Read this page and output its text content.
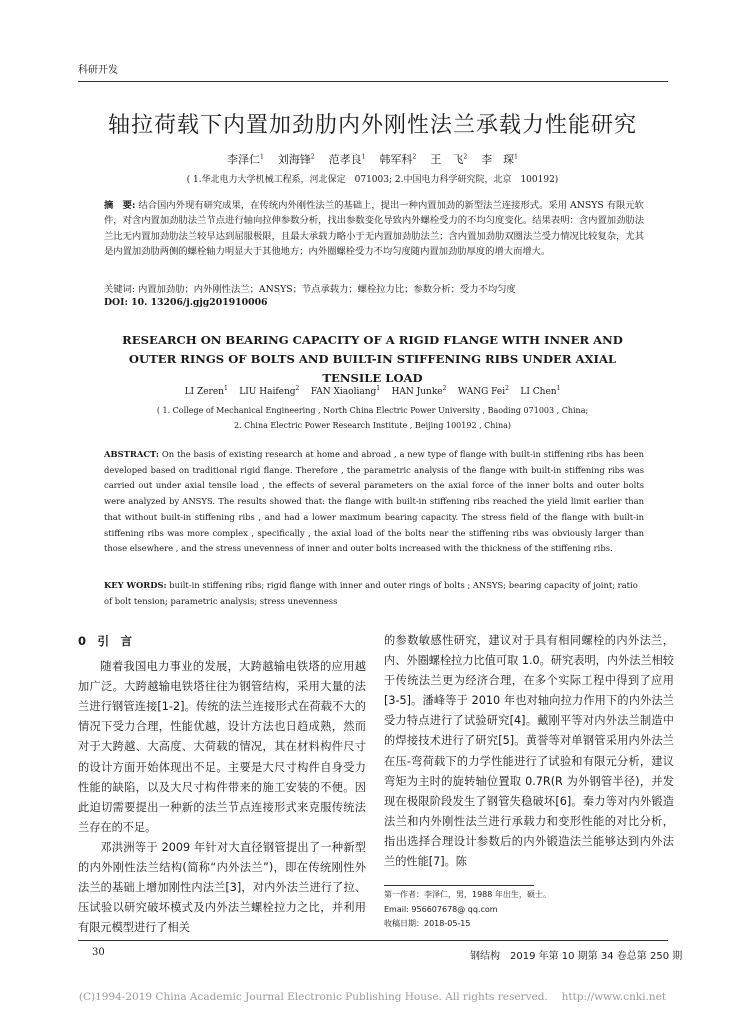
科研开发
轴拉荷载下内置加劲肋内外刚性法兰承载力性能研究
李泽仁$^1$ 刘海锋$^2$ 范孝良$^1$ 韩军科$^2$ 王　飞$^2$ 李　琛$^1$
( 1.华北电力大学机械工程系，河北保定　071003; 2.中国电力科学研究院，北京　100192)
摘　要: 结合国内外现有研究成果，在传统内外刚性法兰的基础上，提出一种内置加劲的新型法兰连接形式。采用 ANSYS 有限元软件，对含内置加劲肋法兰节点进行轴向拉伸参数分析，找出参数变化导致内外螺栓受力的不均匀度变化。结果表明：含内置加劲肋法兰比无内置加劲肋法兰较早达到屈服极限，且最大承载力略小于无内置加劲肋法兰；含内置加劲肋双圈法兰受力情况比较复杂，尤其是内置加劲肋两侧的螺栓轴力明显大于其他地方；内外圈螺栓受力不均匀度随内置加劲肋厚度的增大而增大。
关键词: 内置加劲肋；内外刚性法兰；ANSYS；节点承载力；螺栓拉力比；参数分析；受力不均匀度
DOI: 10. 13206/j.gjg201910006
RESEARCH ON BEARING CAPACITY OF A RIGID FLANGE WITH INNER AND OUTER RINGS OF BOLTS AND BUILT-IN STIFFENING RIBS UNDER AXIAL TENSILE LOAD
LI Zeren$^1$ LIU Haifeng$^2$ FAN Xiaoliang$^1$ HAN Junke$^2$ WANG Fei$^2$ LI Chen$^1$
( 1. College of Mechanical Engineering , North China Electric Power University , Baoding 071003 , China;
2. China Electric Power Research Institute , Beijing 100192 , China)
ABSTRACT: On the basis of existing research at home and abroad , a new type of flange with built-in stiffening ribs has been developed based on traditional rigid flange. Therefore , the parametric analysis of the flange with built-in stiffening ribs was carried out under axial tensile load , the effects of several parameters on the axial force of the inner bolts and outer bolts were analyzed by ANSYS. The results showed that: the flange with built-in stiffening ribs reached the yield limit earlier than that without built-in stiffening ribs , and had a lower maximum bearing capacity. The stress field of the flange with built-in stiffening ribs was more complex , specifically , the axial load of the bolts near the stiffening ribs was obviously larger than those elsewhere , and the stress unevenness of inner and outer bolts increased with the thickness of the stiffening ribs.
KEY WORDS: built-in stiffening ribs; rigid flange with inner and outer rings of bolts ; ANSYS; bearing capacity of joint; ratio of bolt tension; parametric analysis; stress unevenness
0　引　言

随着我国电力事业的发展，大跨越输电铁塔的应用越加广泛。大跨越输电铁塔往往为钢管结构，采用大量的法兰进行钢管连接[1-2]。传统的法兰连接形式在荷载不大的情况下受力合理，性能优越，设计方法也日趋成熟，然而对于大跨越、大高度、大荷载的情况，其在材料构件尺寸的设计方面开始体现出不足。主要是大尺寸构件自身受力性能的缺陷，以及大尺寸构件带来的施工安装的不便。因此迫切需要提出一种新的法兰节点连接形式来克服传统法兰存在的不足。

邓洪洲等于 2009 年针对大直径钢管提出了一种新型的内外刚性法兰结构(简称“内外法兰”)，即在传统刚性外法兰的基础上增加刚性内法兰[3]，对内外法兰进行了拉、压试验以研究破坏模式及内外法兰螺栓拉力之比，并利用有限元模型进行了相关

的参数敏感性研究，建议对于具有相同螺栓的内外法兰，内、外圈螺栓拉力比值可取 1.0。研究表明，内外法兰相较于传统法兰更为经济合理，在多个实际工程中得到了应用[3-5]。潘峰等于 2010 年也对轴向拉力作用下的内外法兰受力特点进行了试验研究[4]。戴刚平等对内外法兰制造中的焊接技术进行了研究[5]。黄誉等对单钢管采用内外法兰在压-弯荷载下的力学性能进行了试验和有限元分析，建议弯矩为主时的旋转轴位置取 0.7R(R 为外钢管半径)，并发现在极限阶段发生了钢管失稳破坏[6]。秦力等对内外锻造法兰和内外刚性法兰进行承载力和变形性能的对比分析，指出选择合理设计参数后的内外锻造法兰能够达到内外法兰的性能[7]。陈

第一作者：李泽仁，男，1988 年出生，硕士。
Email: 956607678@ qq.com
收稿日期：2018-05-15
30	钢结构　2019 年第 10 期第 34 卷总第 250 期
(C)1994-2019 China Academic Journal Electronic Publishing House. All rights reserved.　 http://www.cnki.net
